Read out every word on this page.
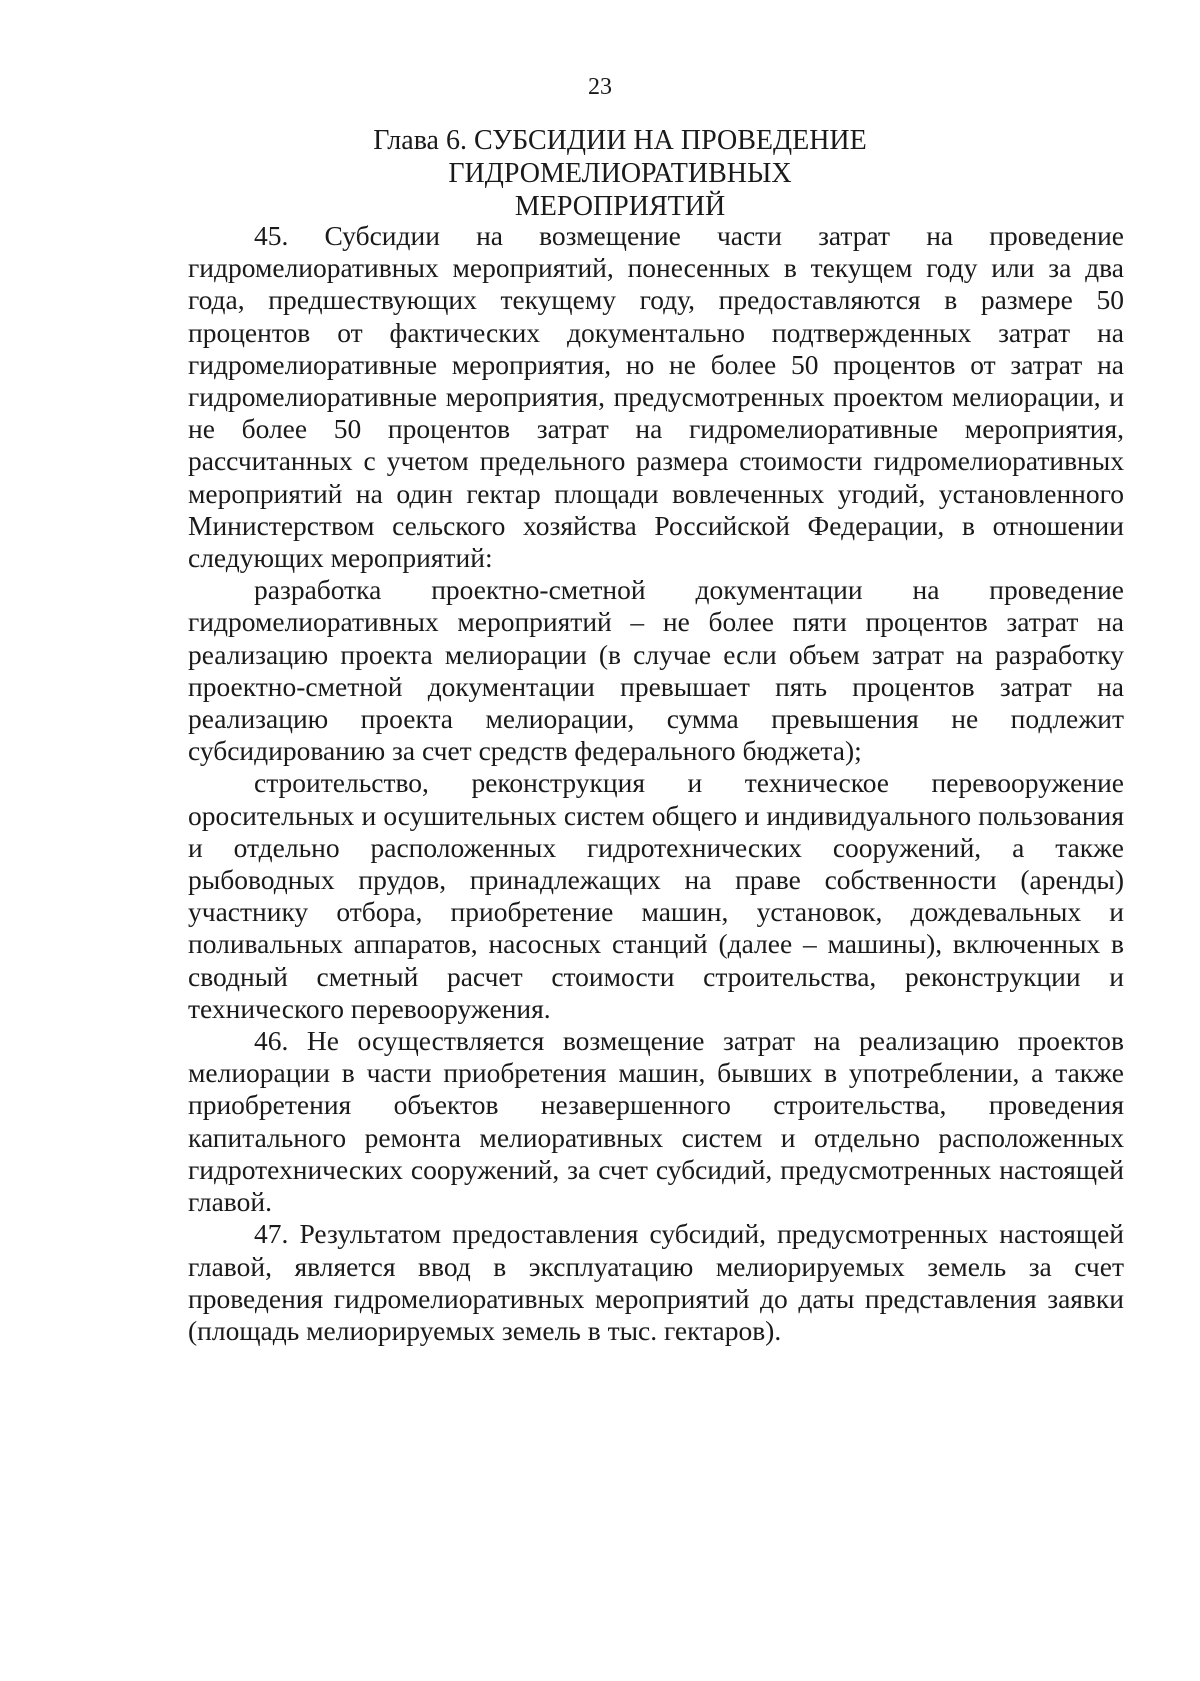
23
Глава 6. СУБСИДИИ НА ПРОВЕДЕНИЕ ГИДРОМЕЛИОРАТИВНЫХ
МЕРОПРИЯТИЙ

45. Субсидии на возмещение части затрат на проведение гидромелиоративных мероприятий, понесенных в текущем году или за два года, предшествующих текущему году, предоставляются в размере 50 процентов от фактических документально подтвержденных затрат на гидромелиоративные мероприятия, но не более 50 процентов от затрат на гидромелиоративные мероприятия, предусмотренных проектом мелиорации, и не более 50 процентов затрат на гидромелиоративные мероприятия, рассчитанных с учетом предельного размера стоимости гидромелиоративных мероприятий на один гектар площади вовлеченных угодий, установленного Министерством сельского хозяйства Российской Федерации, в отношении следующих мероприятий:

разработка проектно-сметной документации на проведение гидромелиоративных мероприятий – не более пяти процентов затрат на реализацию проекта мелиорации (в случае если объем затрат на разработку проектно-сметной документации превышает пять процентов затрат на реализацию проекта мелиорации, сумма превышения не подлежит субсидированию за счет средств федерального бюджета);

строительство, реконструкция и техническое перевооружение оросительных и осушительных систем общего и индивидуального пользования и отдельно расположенных гидротехнических сооружений, а также рыбоводных прудов, принадлежащих на праве собственности (аренды) участнику отбора, приобретение машин, установок, дождевальных и поливальных аппаратов, насосных станций (далее – машины), включенных в сводный сметный расчет стоимости строительства, реконструкции и технического перевооружения.

46. Не осуществляется возмещение затрат на реализацию проектов мелиорации в части приобретения машин, бывших в употреблении, а также приобретения объектов незавершенного строительства, проведения капитального ремонта мелиоративных систем и отдельно расположенных гидротехнических сооружений, за счет субсидий, предусмотренных настоящей главой.

47. Результатом предоставления субсидий, предусмотренных настоящей главой, является ввод в эксплуатацию мелиорируемых земель за счет проведения гидромелиоративных мероприятий до даты представления заявки (площадь мелиорируемых земель в тыс. гектаров).
